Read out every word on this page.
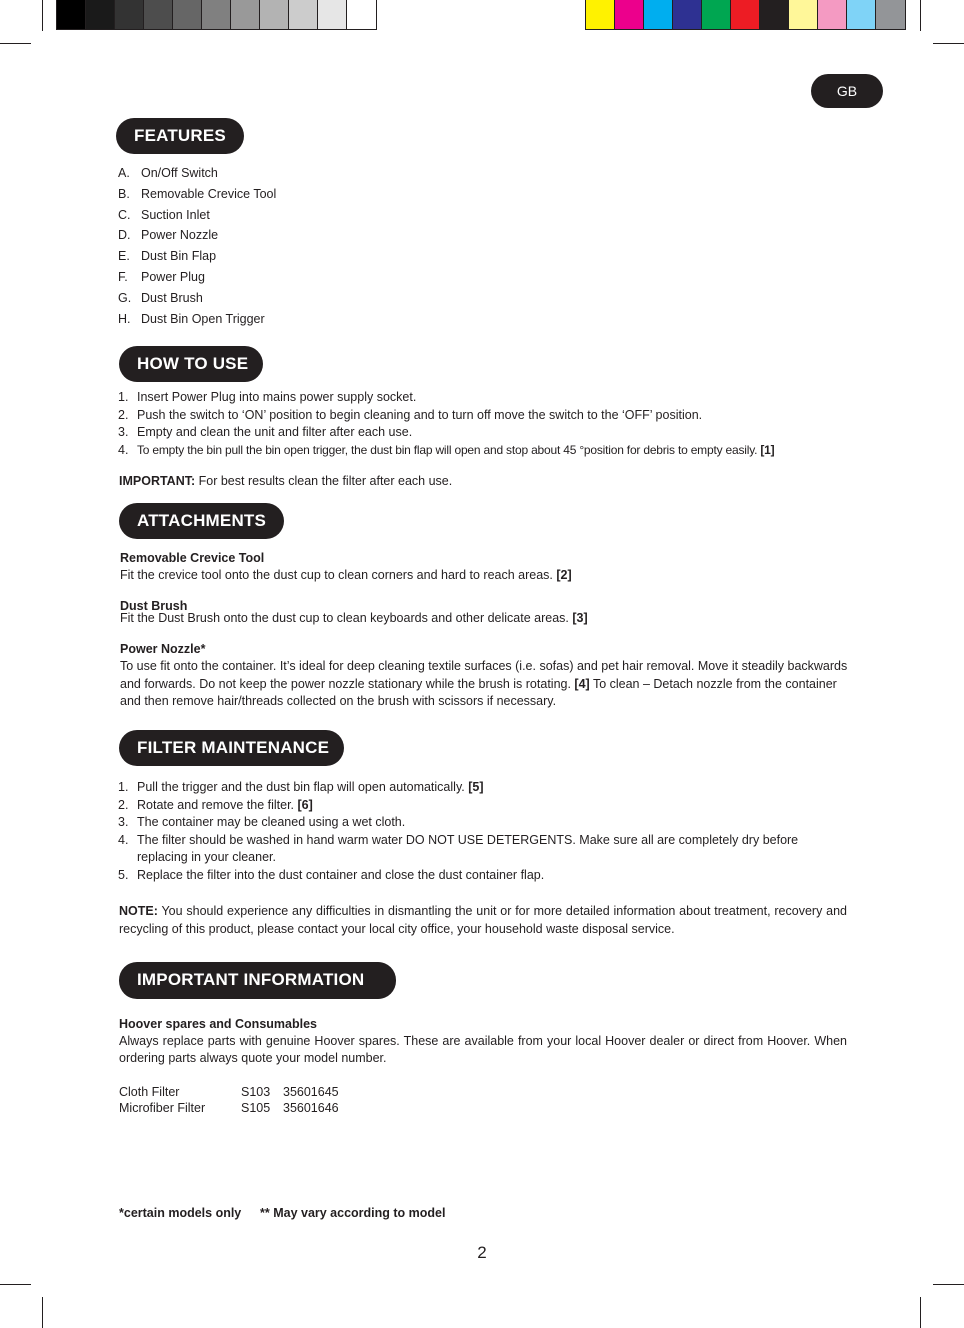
GB
FEATURES
A. On/Off Switch
B. Removable Crevice Tool
C. Suction Inlet
D. Power Nozzle
E. Dust Bin Flap
F.	Power Plug
G. Dust Brush
H. Dust Bin Open Trigger
HOW TO USE
1. Insert Power Plug into mains power supply socket.
2. Push the switch to ‘ON’ position to begin cleaning and to turn off move the switch to the ‘OFF’ position.
3. Empty and clean the unit and filter after each use.
4. To empty the bin pull the bin open trigger, the dust bin flap will open and stop about 45 °position for debris to empty easily. [1]
IMPORTANT: For best results clean the filter after each use.
ATTACHMENTS
Removable Crevice Tool
Fit the crevice tool onto the dust cup to clean corners and hard to reach areas. [2]
Dust Brush
Fit the Dust Brush onto the dust cup to clean keyboards and other delicate areas. [3]
Power Nozzle*
To use fit onto the container. It’s ideal for deep cleaning textile surfaces (i.e. sofas) and pet hair removal. Move it steadily backwards and forwards. Do not keep the power nozzle stationary while the brush is rotating. [4] To clean – Detach nozzle from the container and then remove hair/threads collected on the brush with scissors if necessary.
FILTER MAINTENANCE
1. Pull the trigger and the dust bin flap will open automatically. [5]
2. Rotate and remove the filter. [6]
3. The container may be cleaned using a wet cloth.
4. The filter should be washed in hand warm water DO NOT USE DETERGENTS. Make sure all are completely dry before replacing in your cleaner.
5. Replace the filter into the dust container and close the dust container flap.
NOTE: You should experience any difficulties in dismantling the unit or for more detailed information about treatment, recovery and recycling of this product, please contact your local city office, your household waste disposal service.
IMPORTANT INFORMATION
Hoover spares and Consumables
Always replace parts with genuine Hoover spares. These are available from your local Hoover dealer or direct from Hoover. When ordering parts always quote your model number.
Cloth Filter	S103	35601645
Microfiber Filter	S105	35601646
*certain models only ** May vary according to model
2
